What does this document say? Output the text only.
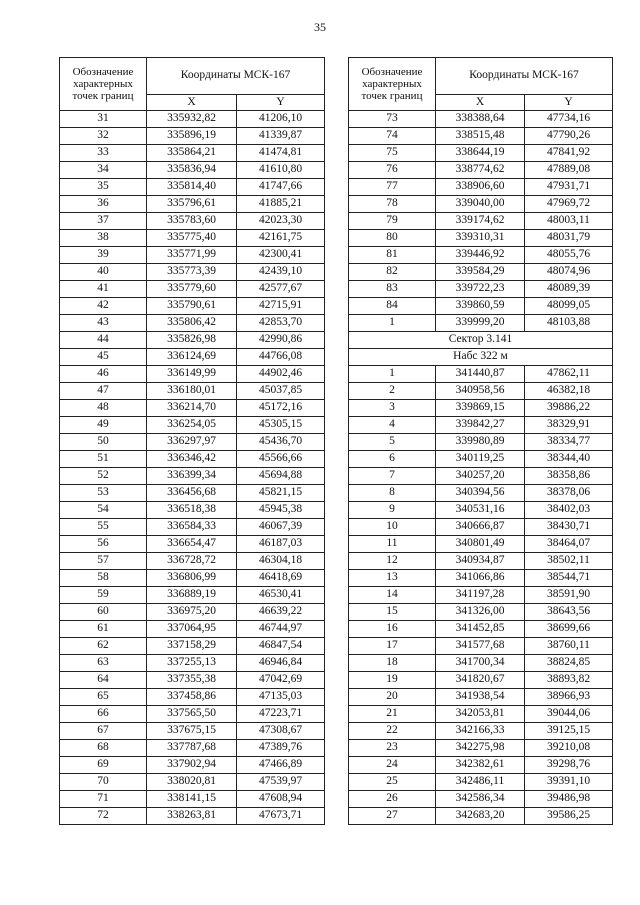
35
Обозначение характерных точек границ	Координаты МСК-167	
	X	Y
31	335932,82	41206,10
32	335896,19	41339,87
33	335864,21	41474,81
34	335836,94	41610,80
35	335814,40	41747,66
36	335796,61	41885,21
37	335783,60	42023,30
38	335775,40	42161,75
39	335771,99	42300,41
40	335773,39	42439,10
41	335779,60	42577,67
42	335790,61	42715,91
43	335806,42	42853,70
44	335826,98	42990,86
45	336124,69	44766,08
46	336149,99	44902,46
47	336180,01	45037,85
48	336214,70	45172,16
49	336254,05	45305,15
50	336297,97	45436,70
51	336346,42	45566,66
52	336399,34	45694,88
53	336456,68	45821,15
54	336518,38	45945,38
55	336584,33	46067,39
56	336654,47	46187,03
57	336728,72	46304,18
58	336806,99	46418,69
59	336889,19	46530,41
60	336975,20	46639,22
61	337064,95	46744,97
62	337158,29	46847,54
63	337255,13	46946,84
64	337355,38	47042,69
65	337458,86	47135,03
66	337565,50	47223,71
67	337675,15	47308,67
68	337787,68	47389,76
69	337902,94	47466,89
70	338020,81	47539,97
71	338141,15	47608,94
72	338263,81	47673,71
Обозначение характерных точек границ	Координаты МСК-167	
	X	Y
73	338388,64	47734,16
74	338515,48	47790,26
75	338644,19	47841,92
76	338774,62	47889,08
77	338906,60	47931,71
78	339040,00	47969,72
79	339174,62	48003,11
80	339310,31	48031,79
81	339446,92	48055,76
82	339584,29	48074,96
83	339722,23	48089,39
84	339860,59	48099,05
1	339999,20	48103,88
Сектор 3.141		
Набс 322 м		
1	341440,87	47862,11
2	340958,56	46382,18
3	339869,15	39886,22
4	339842,27	38329,91
5	339980,89	38334,77
6	340119,25	38344,40
7	340257,20	38358,86
8	340394,56	38378,06
9	340531,16	38402,03
10	340666,87	38430,71
11	340801,49	38464,07
12	340934,87	38502,11
13	341066,86	38544,71
14	341197,28	38591,90
15	341326,00	38643,56
16	341452,85	38699,66
17	341577,68	38760,11
18	341700,34	38824,85
19	341820,67	38893,82
20	341938,54	38966,93
21	342053,81	39044,06
22	342166,33	39125,15
23	342275,98	39210,08
24	342382,61	39298,76
25	342486,11	39391,10
26	342586,34	39486,98
27	342683,20	39586,25
